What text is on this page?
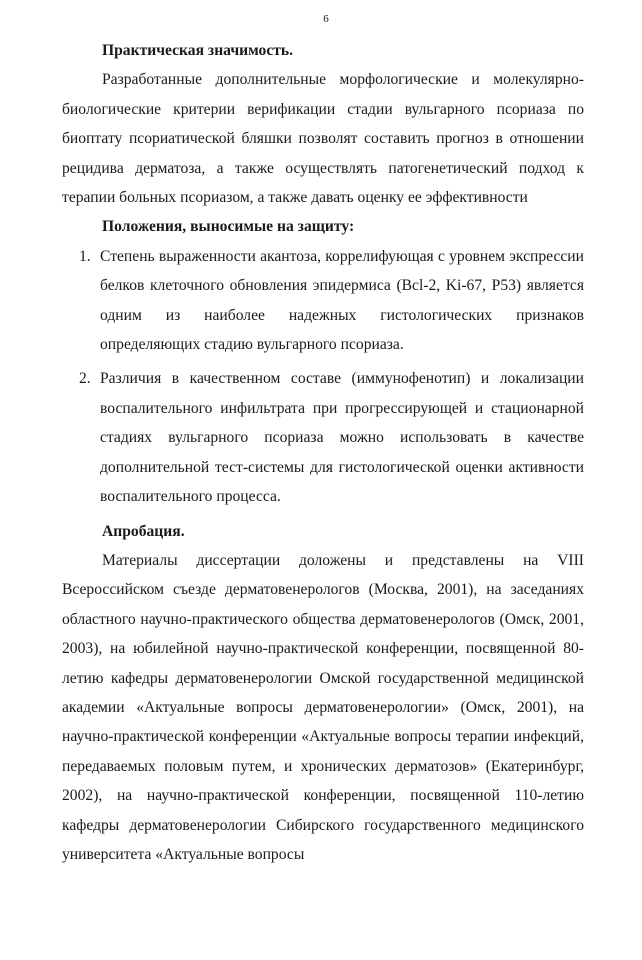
6
Практическая значимость.

Разработанные дополнительные морфологические и молекулярно-биологические критерии верификации стадии вульгарного псориаза по биоптату псориатической бляшки позволят составить прогноз в отношении рецидива дерматоза, а также осуществлять патогенетический подход к терапии больных псориазом, а также давать оценку ее эффективности

Положения, выносимые на защиту:
1. Степень выраженности акантоза, коррелифующая с уровнем экспрессии белков клеточного обновления эпидермиса (Bcl-2, Ki-67, P53) является одним из наиболее надежных гистологических признаков определяющих стадию вульгарного псориаза.
2. Различия в качественном составе (иммунофенотип) и локализации воспалительного инфильтрата при прогрессирующей и стационарной стадиях вульгарного псориаза можно использовать в качестве дополнительной тест-системы для гистологической оценки активности воспалительного процесса.
Апробация.

Материалы диссертации доложены и представлены на VIII Всероссийском съезде дерматовенерологов (Москва, 2001), на заседаниях областного научно-практического общества дерматовенерологов (Омск, 2001, 2003), на юбилейной научно-практической конференции, посвященной 80-летию кафедры дерматовенерологии Омской государственной медицинской академии «Актуальные вопросы дерматовенерологии» (Омск, 2001), на научно-практической конференции «Актуальные вопросы терапии инфекций, передаваемых половым путем, и хронических дерматозов» (Екатеринбург, 2002), на научно-практической конференции, посвященной 110-летию кафедры дерматовенерологии Сибирского государственного медицинского университета «Актуальные вопросы
